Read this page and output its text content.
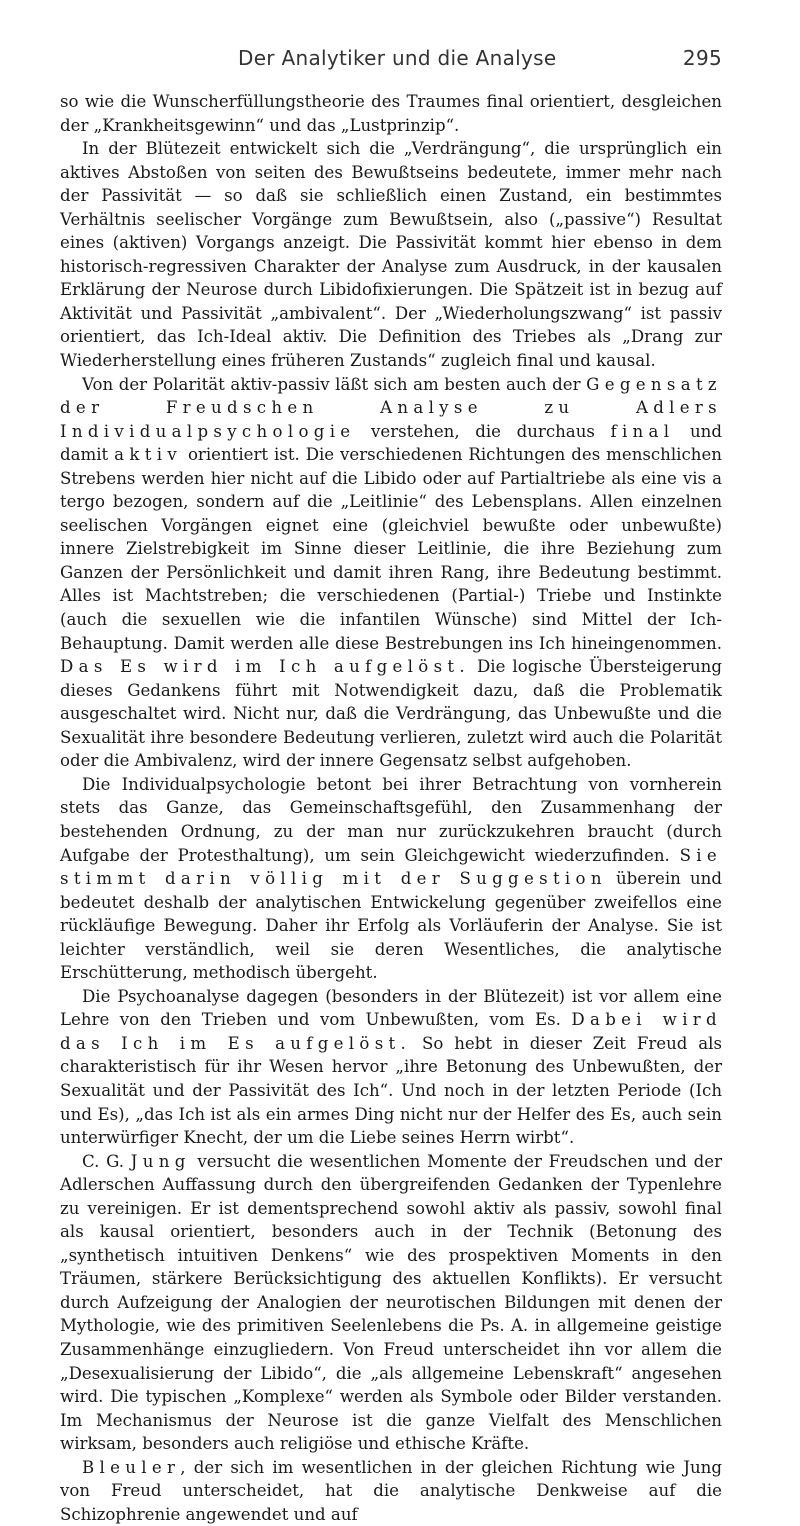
Der Analytiker und die Analyse	295

so wie die Wunscherfüllungstheorie des Traumes final orientiert, desgleichen der „Krankheitsgewinn“ und das „Lustprinzip“.

In der Blütezeit entwickelt sich die „Verdrängung“, die ursprünglich ein aktives Abstoßen von seiten des Bewußtseins bedeutete, immer mehr nach der Passivität — so daß sie schließlich einen Zustand, ein bestimmtes Verhältnis seelischer Vorgänge zum Bewußtsein, also („passive“) Resultat eines (aktiven) Vorgangs anzeigt. Die Passivität kommt hier ebenso in dem historisch-regressiven Charakter der Analyse zum Ausdruck, in der kausalen Erklärung der Neurose durch Libidofixierungen. Die Spätzeit ist in bezug auf Aktivität und Passivität „ambivalent“. Der „Wiederholungszwang“ ist passiv orientiert, das Ich-Ideal aktiv. Die Definition des Triebes als „Drang zur Wiederherstellung eines früheren Zustands“ zugleich final und kausal.

Von der Polarität aktiv-passiv läßt sich am besten auch der Gegensatz der Freudschen Analyse zu Adlers Individualpsychologie verstehen, die durchaus final und damit aktiv orientiert ist. Die verschiedenen Richtungen des menschlichen Strebens werden hier nicht auf die Libido oder auf Partialtriebe als eine vis a tergo bezogen, sondern auf die „Leitlinie“ des Lebensplans. Allen einzelnen seelischen Vorgängen eignet eine (gleichviel bewußte oder unbewußte) innere Zielstrebigkeit im Sinne dieser Leitlinie, die ihre Beziehung zum Ganzen der Persönlichkeit und damit ihren Rang, ihre Bedeutung bestimmt. Alles ist Machtstreben; die verschiedenen (Partial-) Triebe und Instinkte (auch die sexuellen wie die infantilen Wünsche) sind Mittel der Ich-Behauptung. Damit werden alle diese Bestrebungen ins Ich hineingenommen. Das Es wird im Ich aufgelöst. Die logische Übersteigerung dieses Gedankens führt mit Notwendigkeit dazu, daß die Problematik ausgeschaltet wird. Nicht nur, daß die Verdrängung, das Unbewußte und die Sexualität ihre besondere Bedeutung verlieren, zuletzt wird auch die Polarität oder die Ambivalenz, wird der innere Gegensatz selbst aufgehoben.

Die Individualpsychologie betont bei ihrer Betrachtung von vornherein stets das Ganze, das Gemeinschaftsgefühl, den Zusammenhang der bestehenden Ordnung, zu der man nur zurückzukehren braucht (durch Aufgabe der Protesthaltung), um sein Gleichgewicht wiederzufinden. Sie stimmt darin völlig mit der Suggestion überein und bedeutet deshalb der analytischen Entwickelung gegenüber zweifellos eine rückläufige Bewegung. Daher ihr Erfolg als Vorläuferin der Analyse. Sie ist leichter verständlich, weil sie deren Wesentliches, die analytische Erschütterung, methodisch übergeht.

Die Psychoanalyse dagegen (besonders in der Blütezeit) ist vor allem eine Lehre von den Trieben und vom Unbewußten, vom Es. Dabei wird das Ich im Es aufgelöst. So hebt in dieser Zeit Freud als charakteristisch für ihr Wesen hervor „ihre Betonung des Unbewußten, der Sexualität und der Passivität des Ich“. Und noch in der letzten Periode (Ich und Es), „das Ich ist als ein armes Ding nicht nur der Helfer des Es, auch sein unterwürfiger Knecht, der um die Liebe seines Herrn wirbt“.

C. G. Jung versucht die wesentlichen Momente der Freudschen und der Adlerschen Auffassung durch den übergreifenden Gedanken der Typenlehre zu vereinigen. Er ist dementsprechend sowohl aktiv als passiv, sowohl final als kausal orientiert, besonders auch in der Technik (Betonung des „synthetisch intuitiven Denkens“ wie des prospektiven Moments in den Träumen, stärkere Berücksichtigung des aktuellen Konflikts). Er versucht durch Aufzeigung der Analogien der neurotischen Bildungen mit denen der Mythologie, wie des primitiven Seelenlebens die Ps. A. in allgemeine geistige Zusammenhänge einzugliedern. Von Freud unterscheidet ihn vor allem die „Desexualisierung der Libido“, die „als allgemeine Lebenskraft“ angesehen wird. Die typischen „Komplexe“ werden als Symbole oder Bilder verstanden. Im Mechanismus der Neurose ist die ganze Vielfalt des Menschlichen wirksam, besonders auch religiöse und ethische Kräfte.

Bleuler, der sich im wesentlichen in der gleichen Richtung wie Jung von Freud unterscheidet, hat die analytische Denkweise auf die Schizophrenie angewendet und auf
